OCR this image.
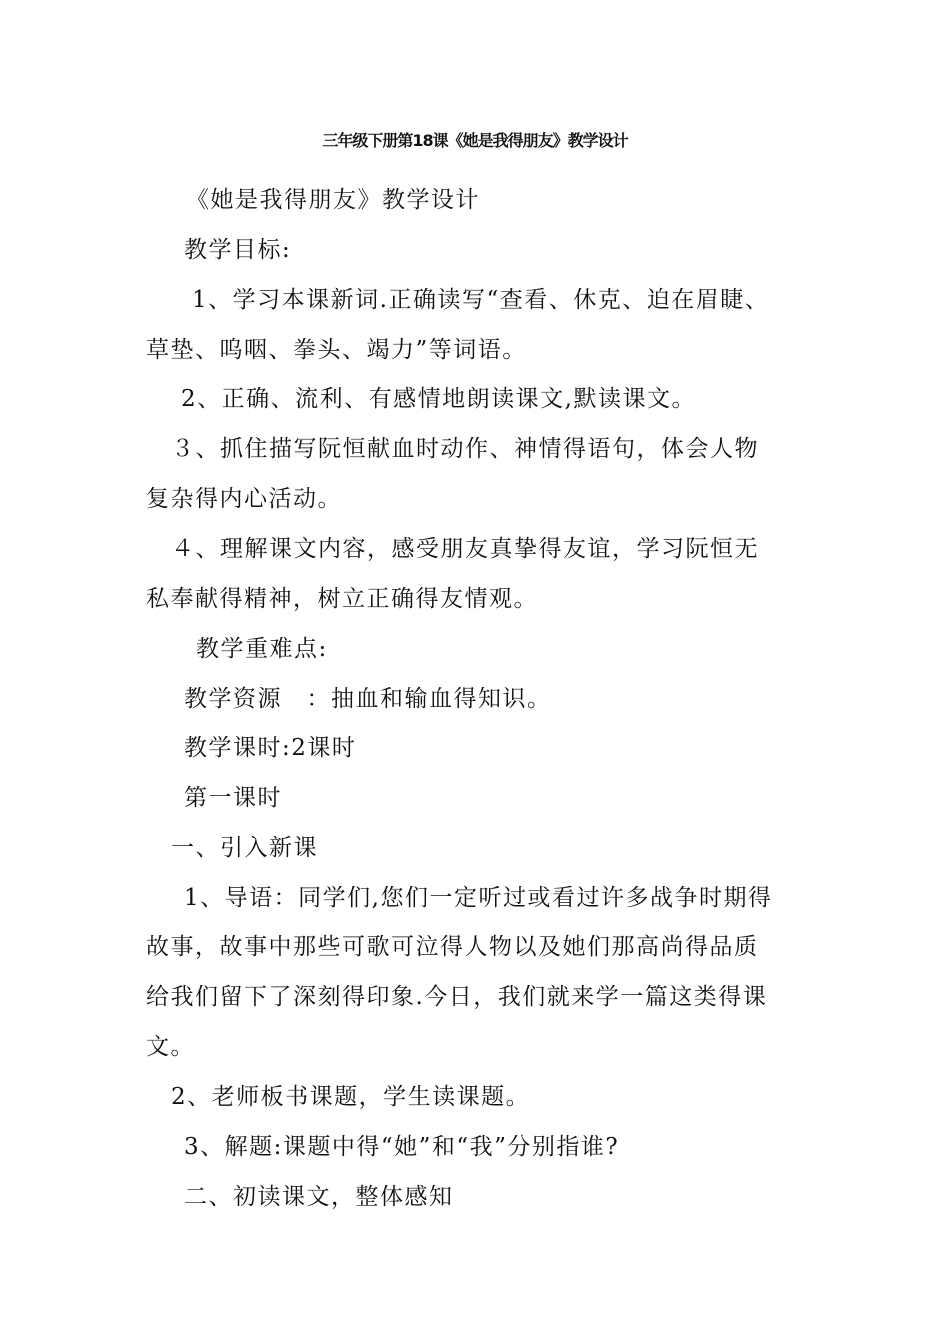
三年级下册第18课《她是我得朋友》教学设计
《她是我得朋友》教学设计
教学目标:
1、学习本课新词.正确读写“查看、休克、迫在眉睫、
草垫、呜咽、拳头、竭力”等词语。
2、正确、流利、有感情地朗读课文,默读课文。
３、抓住描写阮恒献血时动作、神情得语句，体会人物
复杂得内心活动。
４、理解课文内容，感受朋友真挚得友谊，学习阮恒无
私奉献得精神，树立正确得友情观。
教学重难点:
教学资源　：抽血和输血得知识。
教学课时:2课时
第一课时
一、引入新课
1、导语：同学们,您们一定听过或看过许多战争时期得
故事，故事中那些可歌可泣得人物以及她们那高尚得品质
给我们留下了深刻得印象.今日，我们就来学一篇这类得课
文。
2、老师板书课题，学生读课题。
3、解题:课题中得“她”和“我”分别指谁?
二、初读课文，整体感知
